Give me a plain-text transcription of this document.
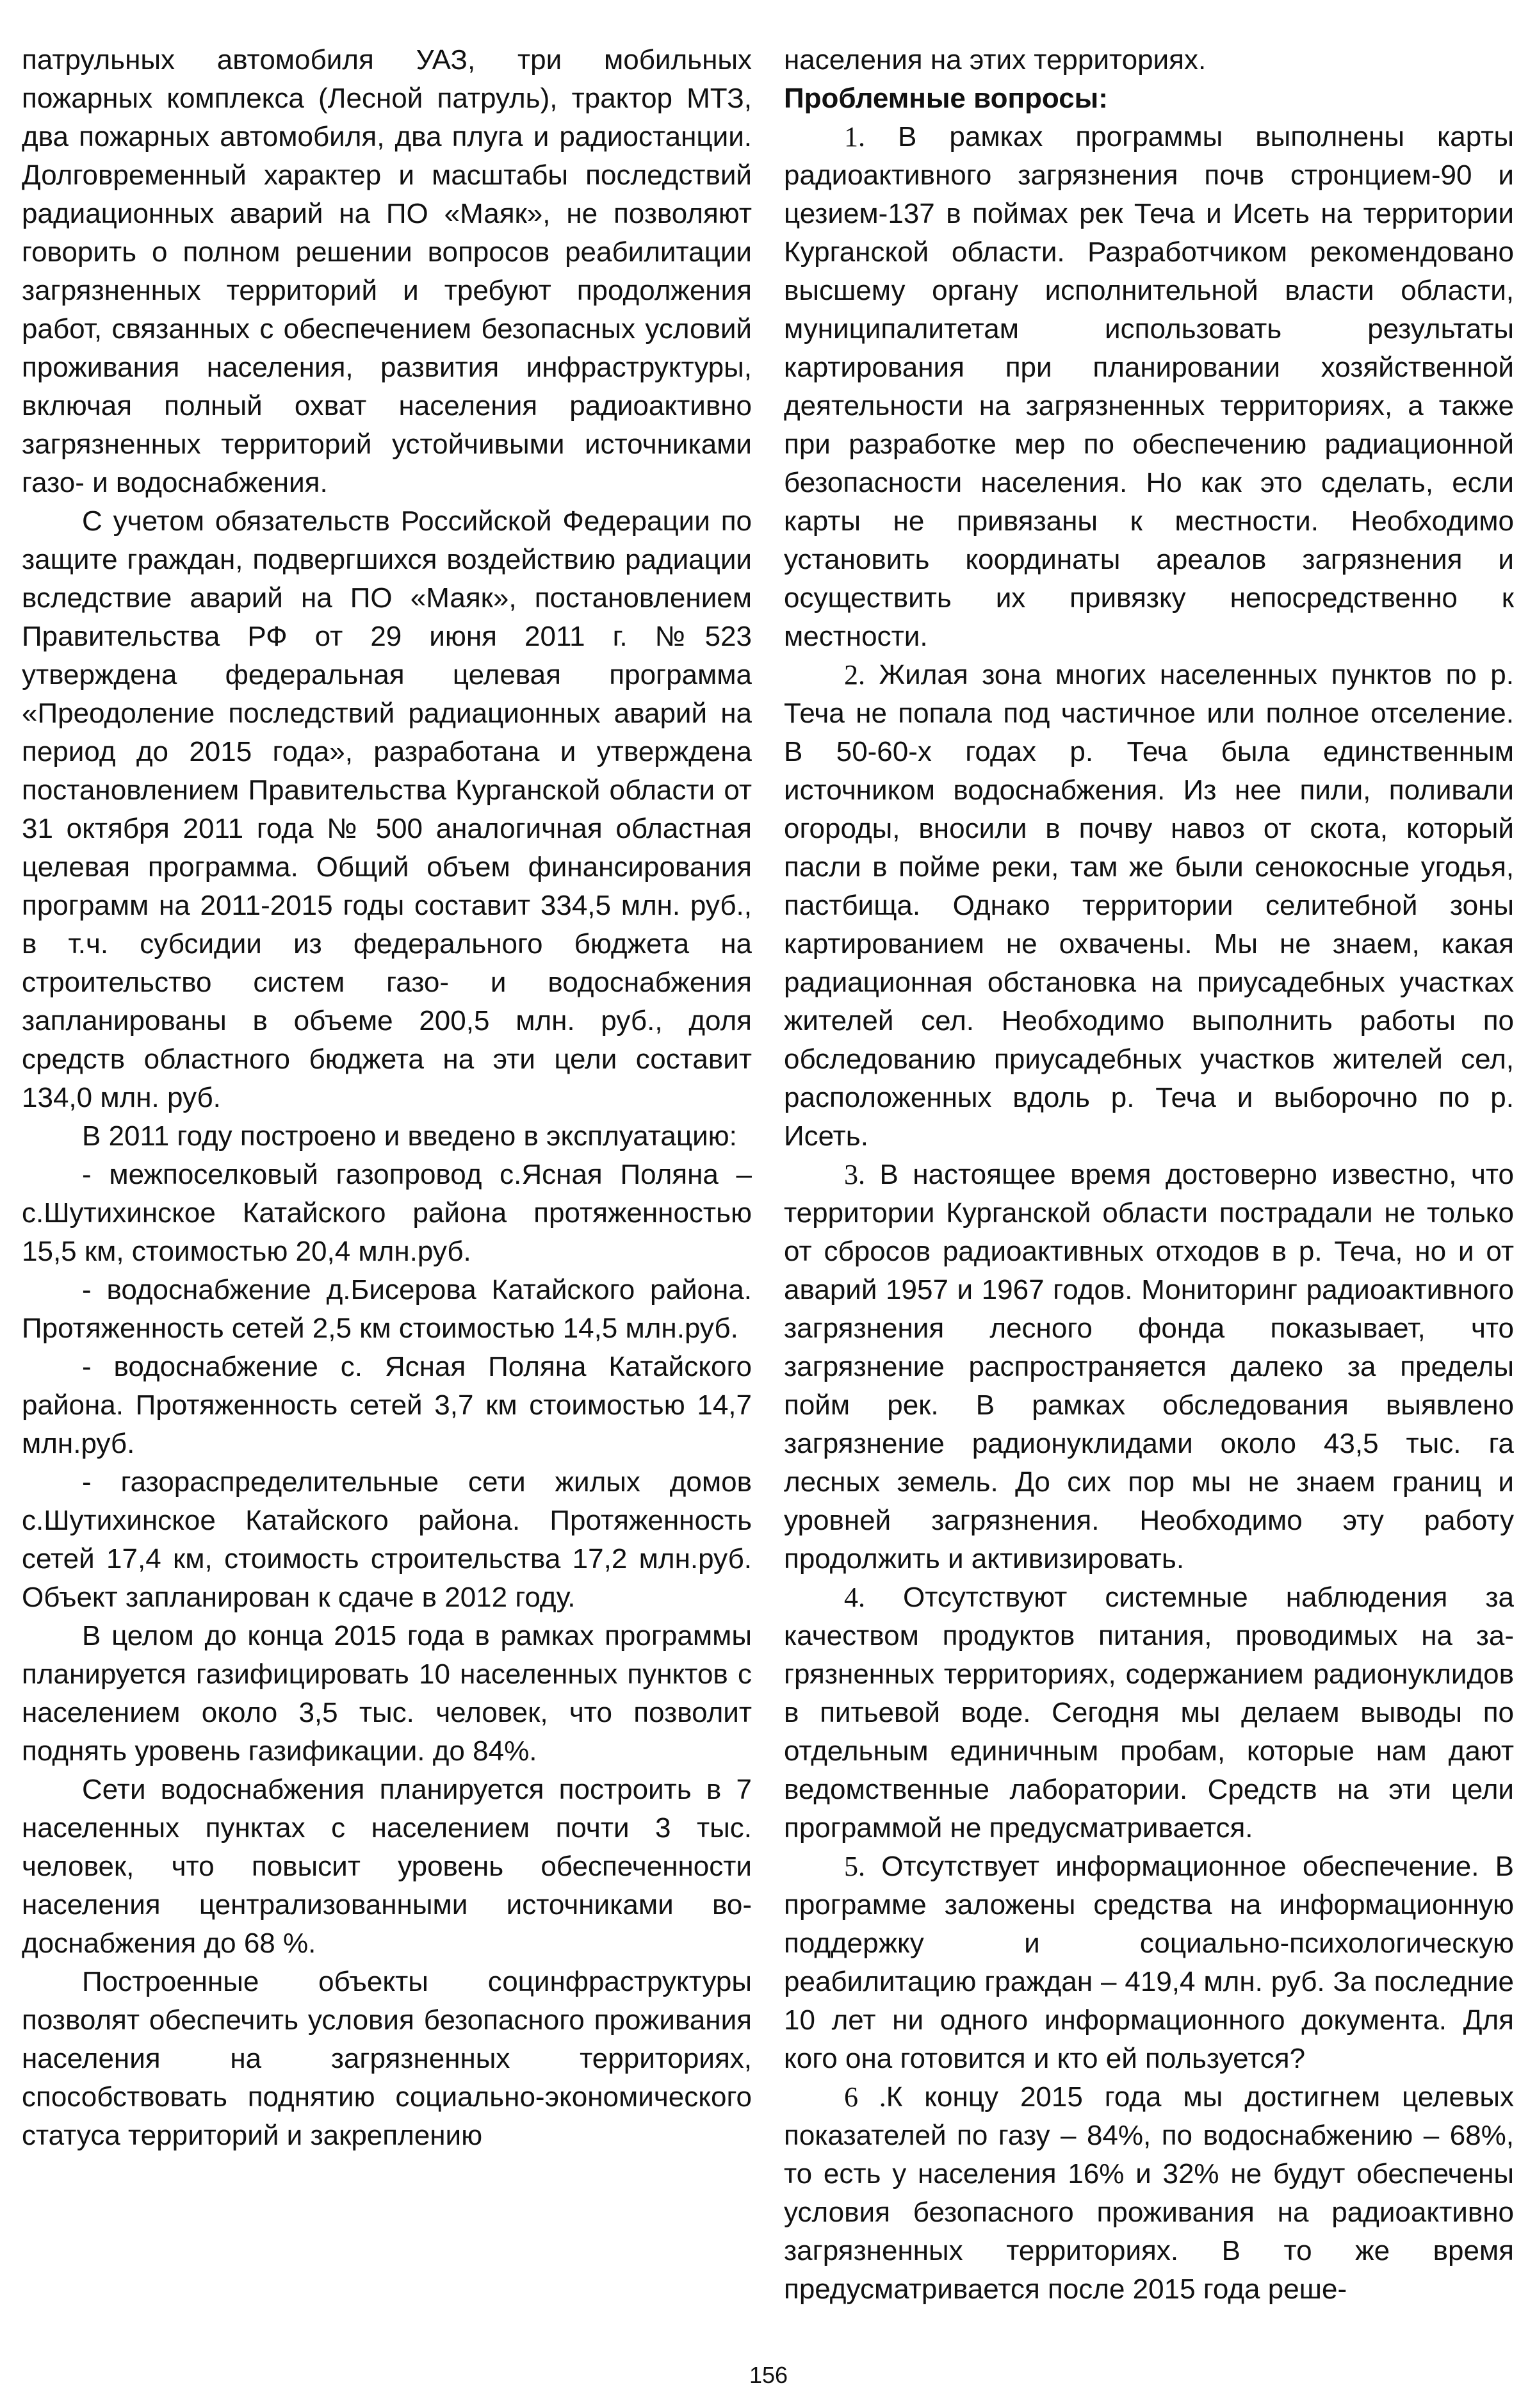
патрульных автомобиля УАЗ, три мобильных пожарных комплекса (Лесной патруль), трактор МТЗ, два пожарных автомобиля, два плуга и радиостанции. Долговременный характер и масштабы последствий радиационных аварий на ПО «Маяк», не позволяют говорить о полном решении вопросов реабилитации загрязненных территорий и требуют продолжения работ, связанных с обеспечением безопасных условий проживания населения, развития инфраструктуры, включая полный охват населения радиоактивно загрязненных территорий устойчивыми источниками газо- и водоснабжения.

С учетом обязательств Российской Федерации по защите граждан, подвергшихся воздействию радиации вследствие аварий на ПО «Маяк», постановлением Правительства РФ от 29 июня 2011 г. №523 утверждена федеральная целевая программа «Преодоление последствий радиационных аварий на период до 2015 года», разработана и утверждена постановлением Правительства Курганской области от 31 октября 2011 года № 500 аналогичная областная целевая программа. Общий объем финансирования программ на 2011-2015 годы составит 334,5 млн. руб., в т.ч. субсидии из федерального бюджета на строительство систем газо- и водоснабжения запланированы в объеме 200,5 млн. руб., доля средств областного бюджета на эти цели составит 134,0 млн. руб.

В 2011 году построено и введено в эксплуатацию:

- межпоселковый газопровод с.Ясная Поляна – с.Шутихинское Катайского района протяженностью 15,5 км, стоимостью 20,4 млн.руб.

- водоснабжение д.Бисерова Катайского района. Протяженность сетей 2,5 км стоимостью 14,5 млн.руб.

- водоснабжение с. Ясная Поляна Катайского района. Протяженность сетей 3,7 км стоимостью 14,7 млн.руб.

- газораспределительные сети жилых домов с.Шутихинское Катайского района. Протяженность сетей 17,4 км, стоимость строительства 17,2 млн.руб. Объект запланирован к сдаче в 2012 году.

В целом до конца 2015 года в рамках программы планируется газифицировать 10 населенных пунктов с населением около 3,5 тыс. человек, что позволит поднять уровень газификации. до 84%.

Сети водоснабжения планируется построить в 7 населенных пунктах с населением почти 3 тыс. человек, что повысит уровень обеспеченности населения централизованными источниками водоснабжения до 68 %.

Построенные объекты социнфраструктуры позволят обеспечить условия безопасного проживания населения на загрязненных территориях, способствовать поднятию социально-экономического статуса территорий и закреплению

населения на этих территориях.

Проблемные вопросы:

1. В рамках программы выполнены карты радиоактивного загрязнения почв стронцием-90 и цезием-137 в поймах рек Теча и Исеть на территории Курганской области. Разработчиком рекомендовано высшему органу исполнительной власти области, муниципалитетам использовать результаты картирования при планировании хозяйственной деятельности на загрязненных территориях, а также при разработке мер по обеспечению радиационной безопасности населения. Но как это сделать, если карты не привязаны к местности. Необходимо установить координаты ареалов загрязнения и осуществить их привязку непосредственно к местности.

2. Жилая зона многих населенных пунктов по р. Теча не попала под частичное или полное отселение. В 50-60-х годах р. Теча была единственным источником водоснабжения. Из нее пили, поливали огороды, вносили в почву навоз от скота, который пасли в пойме реки, там же были сенокосные угодья, пастбища. Однако территории селитебной зоны картированием не охвачены. Мы не знаем, какая радиационная обстановка на приусадебных участках жителей сел. Необходимо выполнить работы по обследованию приусадебных участков жителей сел, расположенных вдоль р. Теча и выборочно по р. Исеть.

3. В настоящее время достоверно известно, что территории Курганской области пострадали не только от сбросов радиоактивных отходов в р. Теча, но и от аварий 1957 и 1967 годов. Мониторинг радиоактивного загрязнения лесного фонда показывает, что загрязнение распространяется далеко за пределы пойм рек. В рамках обследования выявлено загрязнение радионуклидами около 43,5 тыс. га лесных земель. До сих пор мы не знаем границ и уровней загрязнения. Необходимо эту работу продолжить и активизировать.

4. Отсутствуют системные наблюдения за качеством продуктов питания, проводимых на загрязненных территориях, содержанием радионуклидов в питьевой воде. Сегодня мы делаем выводы по отдельным единичным пробам, которые нам дают ведомственные лаборатории. Средств на эти цели программой не предусматривается.

5. Отсутствует информационное обеспечение. В программе заложены средства на информационную поддержку и социально-психологическую реабилитацию граждан – 419,4 млн. руб. За последние 10 лет ни одного информационного документа. Для кого она готовится и кто ей пользуется?

6 .К концу 2015 года мы достигнем целевых показателей по газу – 84%, по водоснабжению – 68%, то есть у населения 16% и 32% не будут обеспечены условия безопасного проживания на радиоактивно загрязненных территориях. В то же время предусматривается после 2015 года реше-

156
